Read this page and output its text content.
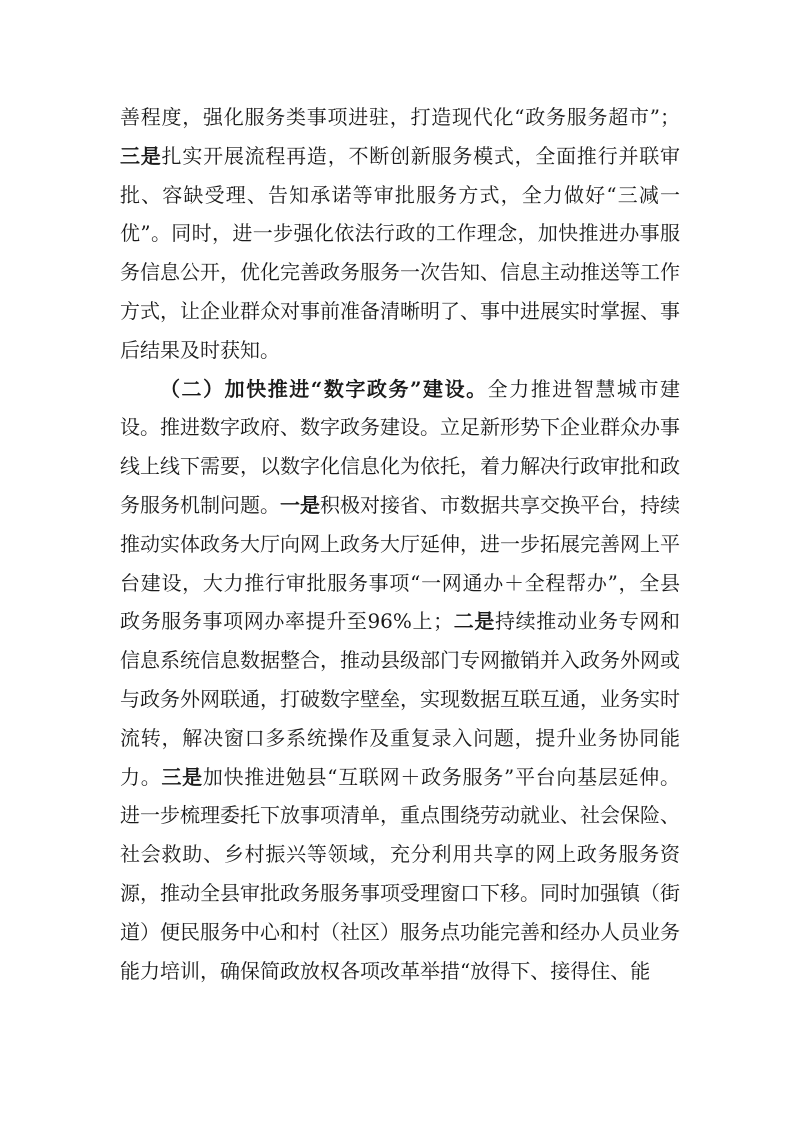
善程度，强化服务类事项进驻，打造现代化“政务服务超市”；三是扎实开展流程再造，不断创新服务模式，全面推行并联审批、容缺受理、告知承诺等审批服务方式，全力做好“三减一优”。同时，进一步强化依法行政的工作理念，加快推进办事服务信息公开，优化完善政务服务一次告知、信息主动推送等工作方式，让企业群众对事前准备清晰明了、事中进展实时掌握、事后结果及时获知。

（二）加快推进“数字政务”建设。全力推进智慧城市建设。推进数字政府、数字政务建设。立足新形势下企业群众办事线上线下需要，以数字化信息化为依托，着力解决行政审批和政务服务机制问题。一是积极对接省、市数据共享交换平台，持续推动实体政务大厅向网上政务大厅延伸，进一步拓展完善网上平台建设，大力推行审批服务事项“一网通办＋全程帮办”，全县政务服务事项网办率提升至96%上；二是持续推动业务专网和信息系统信息数据整合，推动县级部门专网撤销并入政务外网或与政务外网联通，打破数字壁垒，实现数据互联互通，业务实时流转，解决窗口多系统操作及重复录入问题，提升业务协同能力。三是加快推进勉县“互联网＋政务服务”平台向基层延伸。进一步梳理委托下放事项清单，重点围绕劳动就业、社会保险、社会救助、乡村振兴等领域，充分利用共享的网上政务服务资源，推动全县审批政务服务事项受理窗口下移。同时加强镇（街道）便民服务中心和村（社区）服务点功能完善和经办人员业务能力培训，确保简政放权各项改革举措“放得下、接得住、能
